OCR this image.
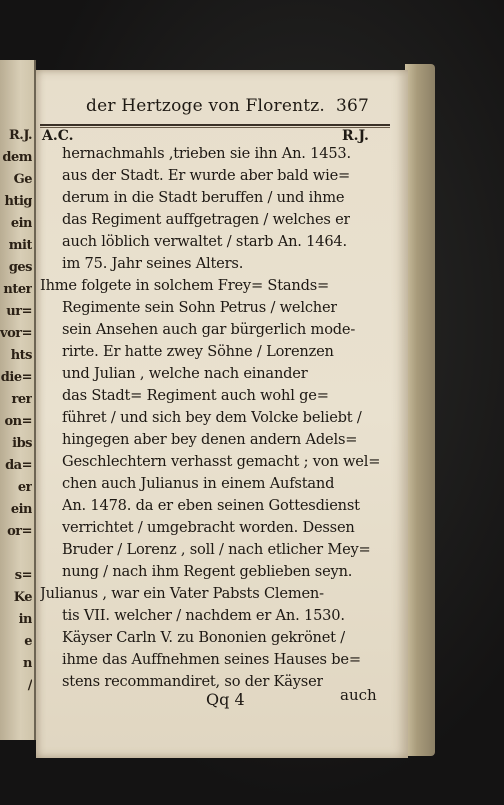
R.J.
dem
Ge
htig
ein
mit
ges
nter
ur=
vor=
hts
die=
rer
on=
ibs
da=
er
ein
or=
s=
Ke
in
e
n
/
der Hertzoge von Florentz. 367
A.C.	R.J.
hernachmahls ,trieben sie ihn An. 1453.
aus der Stadt. Er wurde aber bald wie=
derum in die Stadt beruffen / und ihme
das Regiment auffgetragen / welches er
auch löblich verwaltet / starb An. 1464.
im 75. Jahr seines Alters.
Ihme folgete in solchem Frey= Stands=
Regimente sein Sohn Petrus / welcher
sein Ansehen auch gar bürgerlich mode-
rirte. Er hatte zwey Söhne / Lorenzen
und Julian , welche nach einander
das Stadt= Regiment auch wohl ge=
führet / und sich bey dem Volcke beliebt /
hingegen aber bey denen andern Adels=
Geschlechtern verhasst gemacht ; von wel=
chen auch Julianus in einem Aufstand
An. 1478. da er eben seinen Gottesdienst
verrichtet / umgebracht worden. Dessen
Bruder / Lorenz , soll / nach etlicher Mey=
nung / nach ihm Regent geblieben seyn.
Julianus , war ein Vater Pabsts Clemen-
tis VII. welcher / nachdem er An. 1530.
Käyser Carln V. zu Bononien gekrönet /
ihme das Auffnehmen seines Hauses be=
stens recommandiret, so der Käyser
Qq 4	auch
